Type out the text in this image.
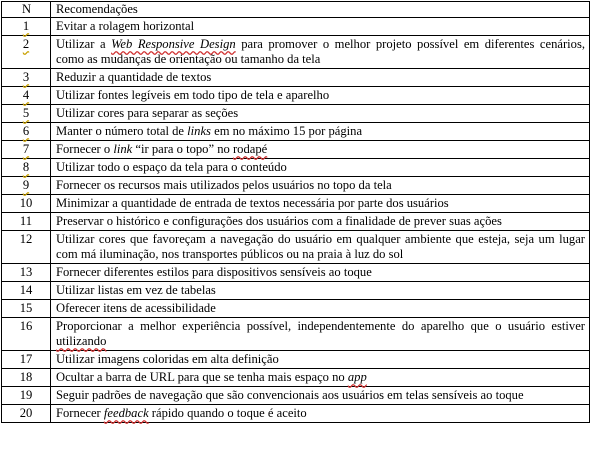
N	Recomendações
1	Evitar a rolagem horizontal
2	Utilizar a Web Responsive Design para promover o melhor projeto possível em diferentes cenários, como as mudanças de orientação ou tamanho da tela
3	Reduzir a quantidade de textos
4	Utilizar fontes legíveis em todo tipo de tela e aparelho
5	Utilizar cores para separar as seções
6	Manter o número total de links em no máximo 15 por página
7	Fornecer o link “ir para o topo” no rodapé
8	Utilizar todo o espaço da tela para o conteúdo
9	Fornecer os recursos mais utilizados pelos usuários no topo da tela
10	Minimizar a quantidade de entrada de textos necessária por parte dos usuários
11	Preservar o histórico e configurações dos usuários com a finalidade de prever suas ações
12	Utilizar cores que favoreçam a navegação do usuário em qualquer ambiente que esteja, seja um lugar com má iluminação, nos transportes públicos ou na praia à luz do sol
13	Fornecer diferentes estilos para dispositivos sensíveis ao toque
14	Utilizar listas em vez de tabelas
15	Oferecer itens de acessibilidade
16	Proporcionar a melhor experiência possível, independentemente do aparelho que o usuário estiver utilizando
17	Utilizar imagens coloridas em alta definição
18	Ocultar a barra de URL para que se tenha mais espaço no app
19	Seguir padrões de navegação que são convencionais aos usuários em telas sensíveis ao toque
20	Fornecer feedback rápido quando o toque é aceito
